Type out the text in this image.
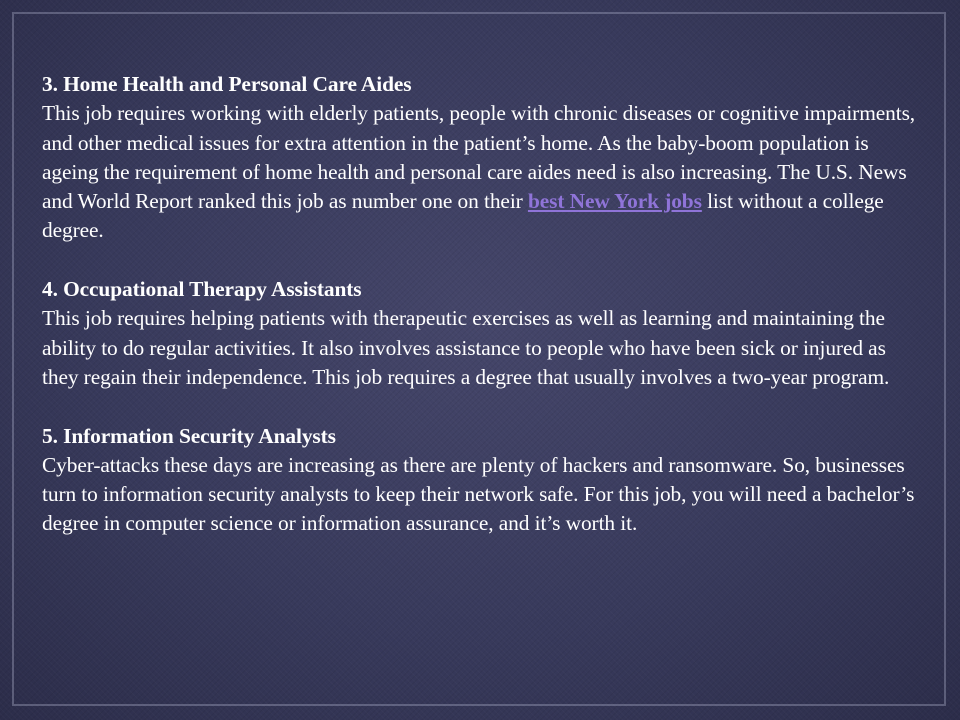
3. Home Health and Personal Care Aides
This job requires working with elderly patients, people with chronic diseases or cognitive impairments, and other medical issues for extra attention in the patient’s home. As the baby-boom population is ageing the requirement of home health and personal care aides need is also increasing. The U.S. News and World Report ranked this job as number one on their best New York jobs list without a college degree.
4. Occupational Therapy Assistants
This job requires helping patients with therapeutic exercises as well as learning and maintaining the ability to do regular activities. It also involves assistance to people who have been sick or injured as they regain their independence. This job requires a degree that usually involves a two-year program.
5. Information Security Analysts
Cyber-attacks these days are increasing as there are plenty of hackers and ransomware. So, businesses turn to information security analysts to keep their network safe. For this job, you will need a bachelor’s degree in computer science or information assurance, and it’s worth it.
